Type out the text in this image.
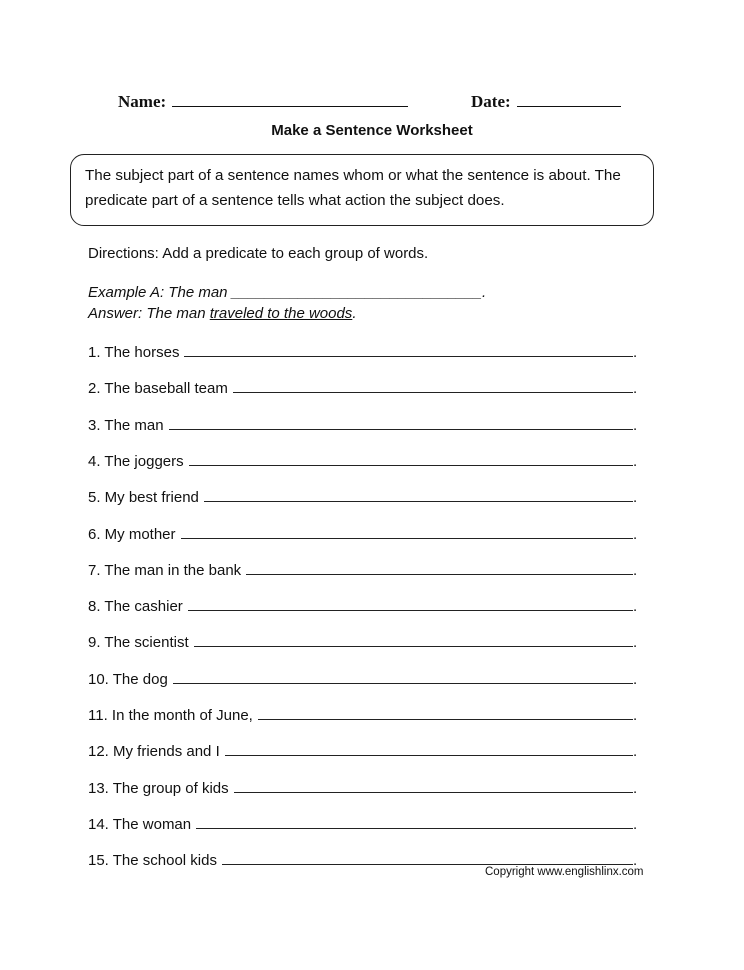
Name:	Date:
Make a Sentence Worksheet
The subject part of a sentence names whom or what the sentence is about. The
predicate part of a sentence tells what action the subject does.
Directions: Add a predicate to each group of words.
Example A: The man ______________________________.
Answer: The man traveled to the woods.
1. The horses	.
2. The baseball team	.
3. The man	.
4. The joggers	.
5. My best friend	.
6. My mother	.
7. The man in the bank	.
8. The cashier	.
9. The scientist	.
10. The dog	.
11. In the month of June,	.
12. My friends and I	.
13. The group of kids	.
14. The woman	.
15. The school kids	.
Copyright www.englishlinx.com
